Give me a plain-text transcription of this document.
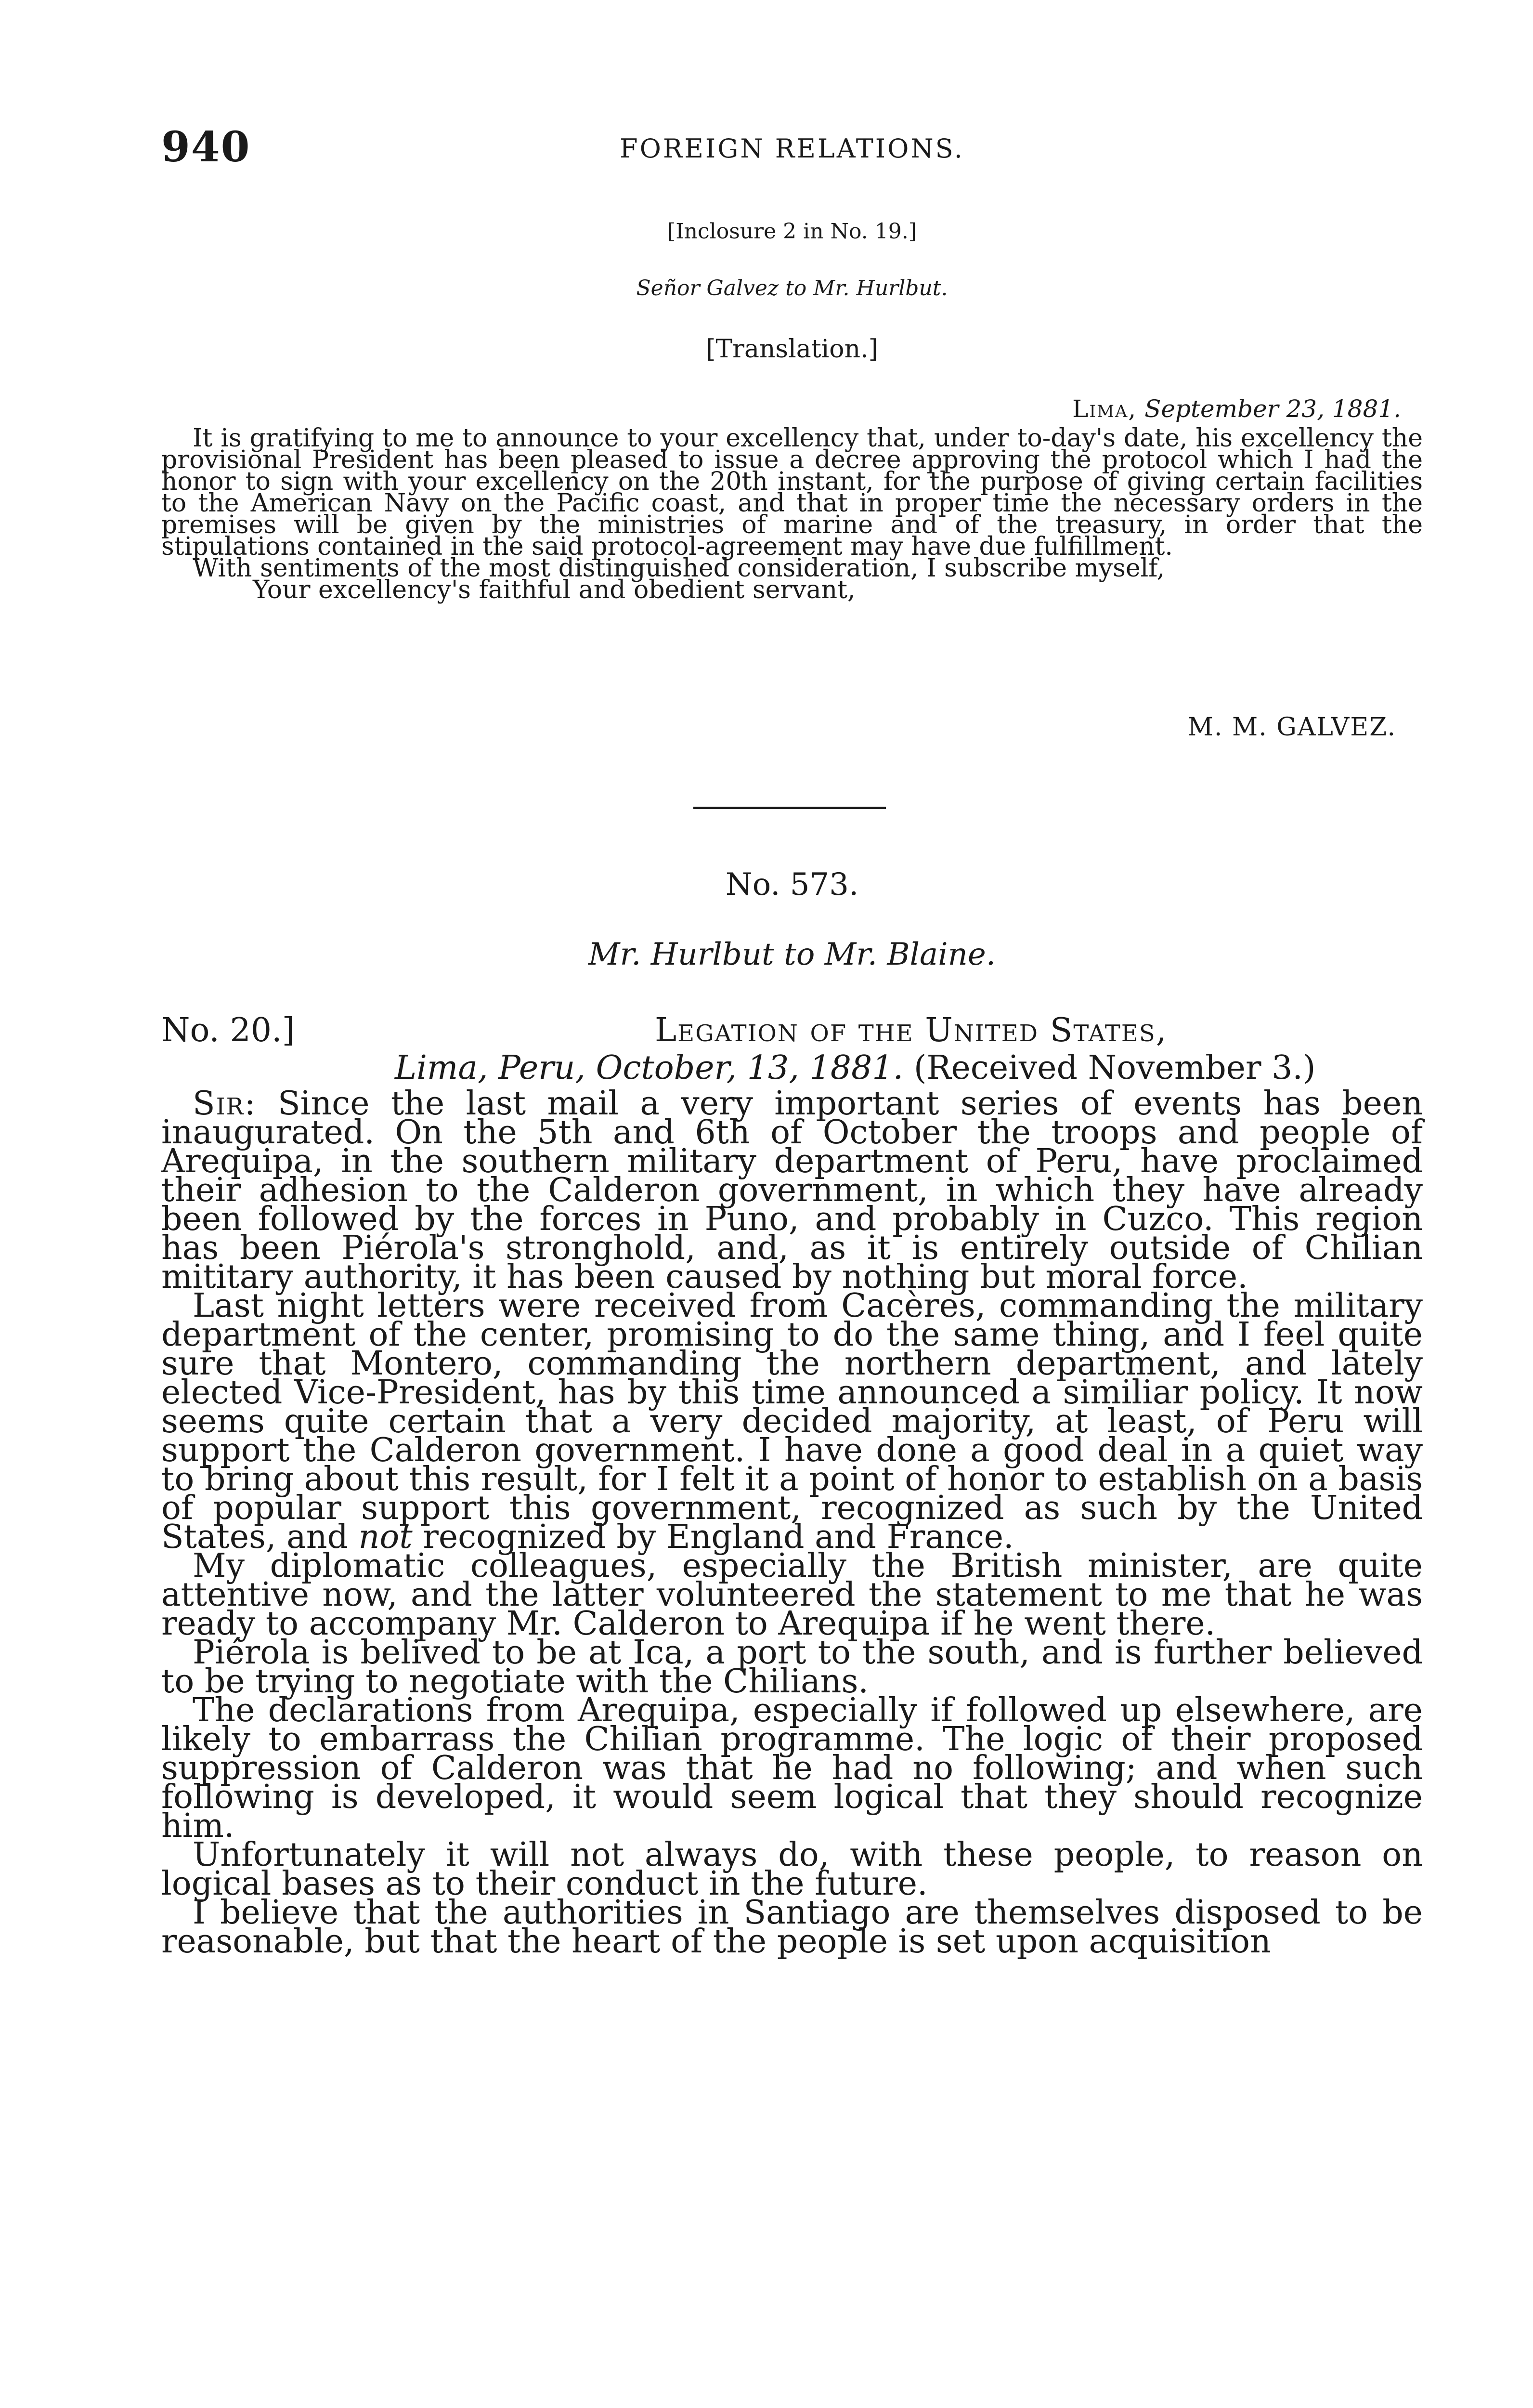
940	FOREIGN RELATIONS.
[Inclosure 2 in No. 19.]
Señor Galvez to Mr. Hurlbut.
[Translation.]
Lima, September 23, 1881.

It is gratifying to me to announce to your excellency that, under to-day's date, his excellency the provisional President has been pleased to issue a decree approving the protocol which I had the honor to sign with your excellency on the 20th instant, for the purpose of giving certain facilities to the American Navy on the Pacific coast, and that in proper time the necessary orders in the premises will be given by the ministries of marine and of the treasury, in order that the stipulations contained in the said protocol-agreement may have due fulfillment.

With sentiments of the most distinguished consideration, I subscribe myself,

Your excellency's faithful and obedient servant,

M. M. GALVEZ.
No. 573.
Mr. Hurlbut to Mr. Blaine.
No. 20.]	Legation of the United States,
Lima, Peru, October, 13, 1881. (Received November 3.)

Sir: Since the last mail a very important series of events has been inaugurated. On the 5th and 6th of October the troops and people of Arequipa, in the southern military department of Peru, have proclaimed their adhesion to the Calderon government, in which they have already been followed by the forces in Puno, and probably in Cuzco. This region has been Piérola's stronghold, and, as it is entirely outside of Chilian mititary authority, it has been caused by nothing but moral force.

Last night letters were received from Cacères, commanding the military department of the center, promising to do the same thing, and I feel quite sure that Montero, commanding the northern department, and lately elected Vice-President, has by this time announced a similiar policy. It now seems quite certain that a very decided majority, at least, of Peru will support the Calderon government. I have done a good deal in a quiet way to bring about this result, for I felt it a point of honor to establish on a basis of popular support this government, recognized as such by the United States, and not recognized by England and France.

My diplomatic colleagues, especially the British minister, are quite attentive now, and the latter volunteered the statement to me that he was ready to accompany Mr. Calderon to Arequipa if he went there.

Piérola is belived to be at Ica, a port to the south, and is further believed to be trying to negotiate with the Chilians.

The declarations from Arequipa, especially if followed up elsewhere, are likely to embarrass the Chilian programme. The logic of their proposed suppression of Calderon was that he had no following; and when such following is developed, it would seem logical that they should recognize him.

Unfortunately it will not always do, with these people, to reason on logical bases as to their conduct in the future.

I believe that the authorities in Santiago are themselves disposed to be reasonable, but that the heart of the people is set upon acquisition
